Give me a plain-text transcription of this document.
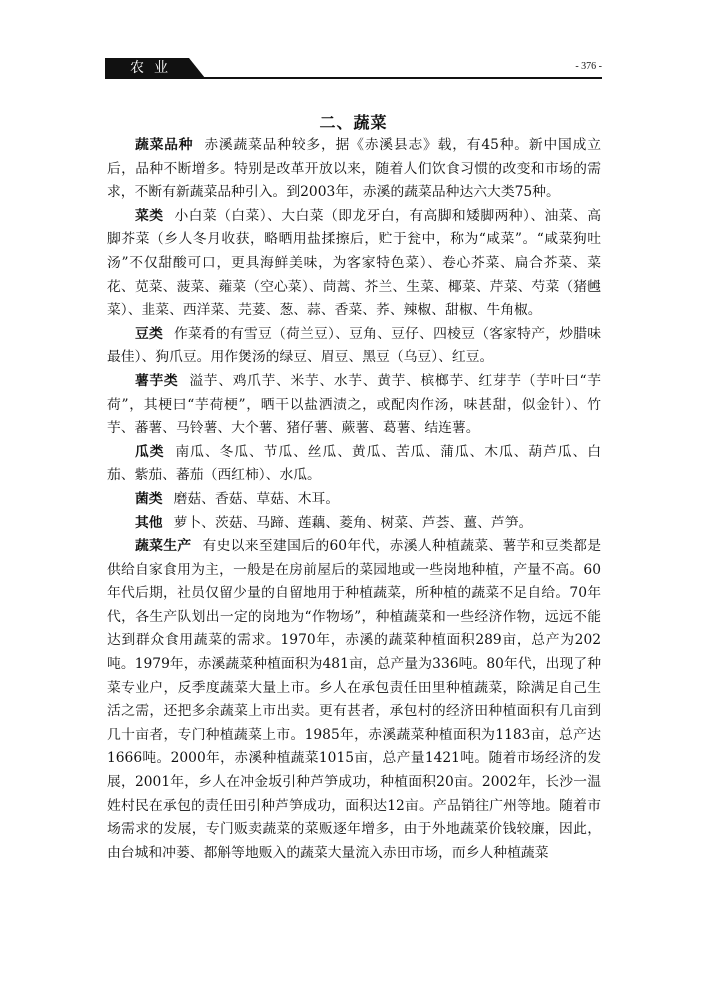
农业	- 376 -
二、蔬菜

蔬菜品种 赤溪蔬菜品种较多，据《赤溪县志》载，有45种。新中国成立后，品种不断增多。特别是改革开放以来，随着人们饮食习惯的改变和市场的需求，不断有新蔬菜品种引入。到2003年，赤溪的蔬菜品种达六大类75种。

菜类 小白菜（白菜）、大白菜（即龙牙白，有高脚和矮脚两种）、油菜、高脚芥菜（乡人冬月收获，略晒用盐揉擦后，贮于瓮中，称为“咸菜”。“咸菜狗吐汤”不仅甜酸可口，更具海鲜美味，为客家特色菜）、卷心芥菜、扁合芥菜、菜花、苋菜、菠菜、蕹菜（空心菜）、茼蒿、芥兰、生菜、椰菜、芹菜、芍菜（猪乸菜）、韭菜、西洋菜、芫荽、葱、蒜、香菜、荞、辣椒、甜椒、牛角椒。

豆类 作菜肴的有雪豆（荷兰豆）、豆角、豆仔、四棱豆（客家特产，炒腊味最佳）、狗爪豆。用作煲汤的绿豆、眉豆、黑豆（乌豆）、红豆。

薯芋类 溢芋、鸡爪芋、米芋、水芋、黄芋、槟榔芋、红芽芋（芋叶曰“芋荷”，其梗曰“芋荷梗”，晒干以盐洒渍之，或配肉作汤，味甚甜，似金针）、竹芋、蕃薯、马铃薯、大个薯、猪仔薯、蕨薯、葛薯、结连薯。

瓜类 南瓜、冬瓜、节瓜、丝瓜、黄瓜、苦瓜、蒲瓜、木瓜、葫芦瓜、白茄、紫茄、蕃茄（西红柿）、水瓜。

菌类 磨菇、香菇、草菇、木耳。

其他 萝卜、茨菇、马蹄、莲藕、菱角、树菜、芦荟、薑、芦笋。

蔬菜生产 有史以来至建国后的60年代，赤溪人种植蔬菜、薯芋和豆类都是供给自家食用为主，一般是在房前屋后的菜园地或一些岗地种植，产量不高。60年代后期，社员仅留少量的自留地用于种植蔬菜，所种植的蔬菜不足自给。70年代，各生产队划出一定的岗地为“作物场”，种植蔬菜和一些经济作物，远远不能达到群众食用蔬菜的需求。1970年，赤溪的蔬菜种植面积289亩，总产为202吨。1979年，赤溪蔬菜种植面积为481亩，总产量为336吨。80年代，出现了种菜专业户，反季度蔬菜大量上市。乡人在承包责任田里种植蔬菜，除满足自己生活之需，还把多余蔬菜上市出卖。更有甚者，承包村的经济田种植面积有几亩到几十亩者，专门种植蔬菜上市。1985年，赤溪蔬菜种植面积为1183亩，总产达1666吨。2000年，赤溪种植蔬菜1015亩，总产量1421吨。随着市场经济的发展，2001年，乡人在冲金坂引种芦笋成功，种植面积20亩。2002年，长沙一温姓村民在承包的责任田引种芦笋成功，面积达12亩。产品销往广州等地。随着市场需求的发展，专门贩卖蔬菜的菜贩逐年增多，由于外地蔬菜价钱较廉，因此，由台城和冲蒌、都斛等地贩入的蔬菜大量流入赤田市场，而乡人种植蔬菜
